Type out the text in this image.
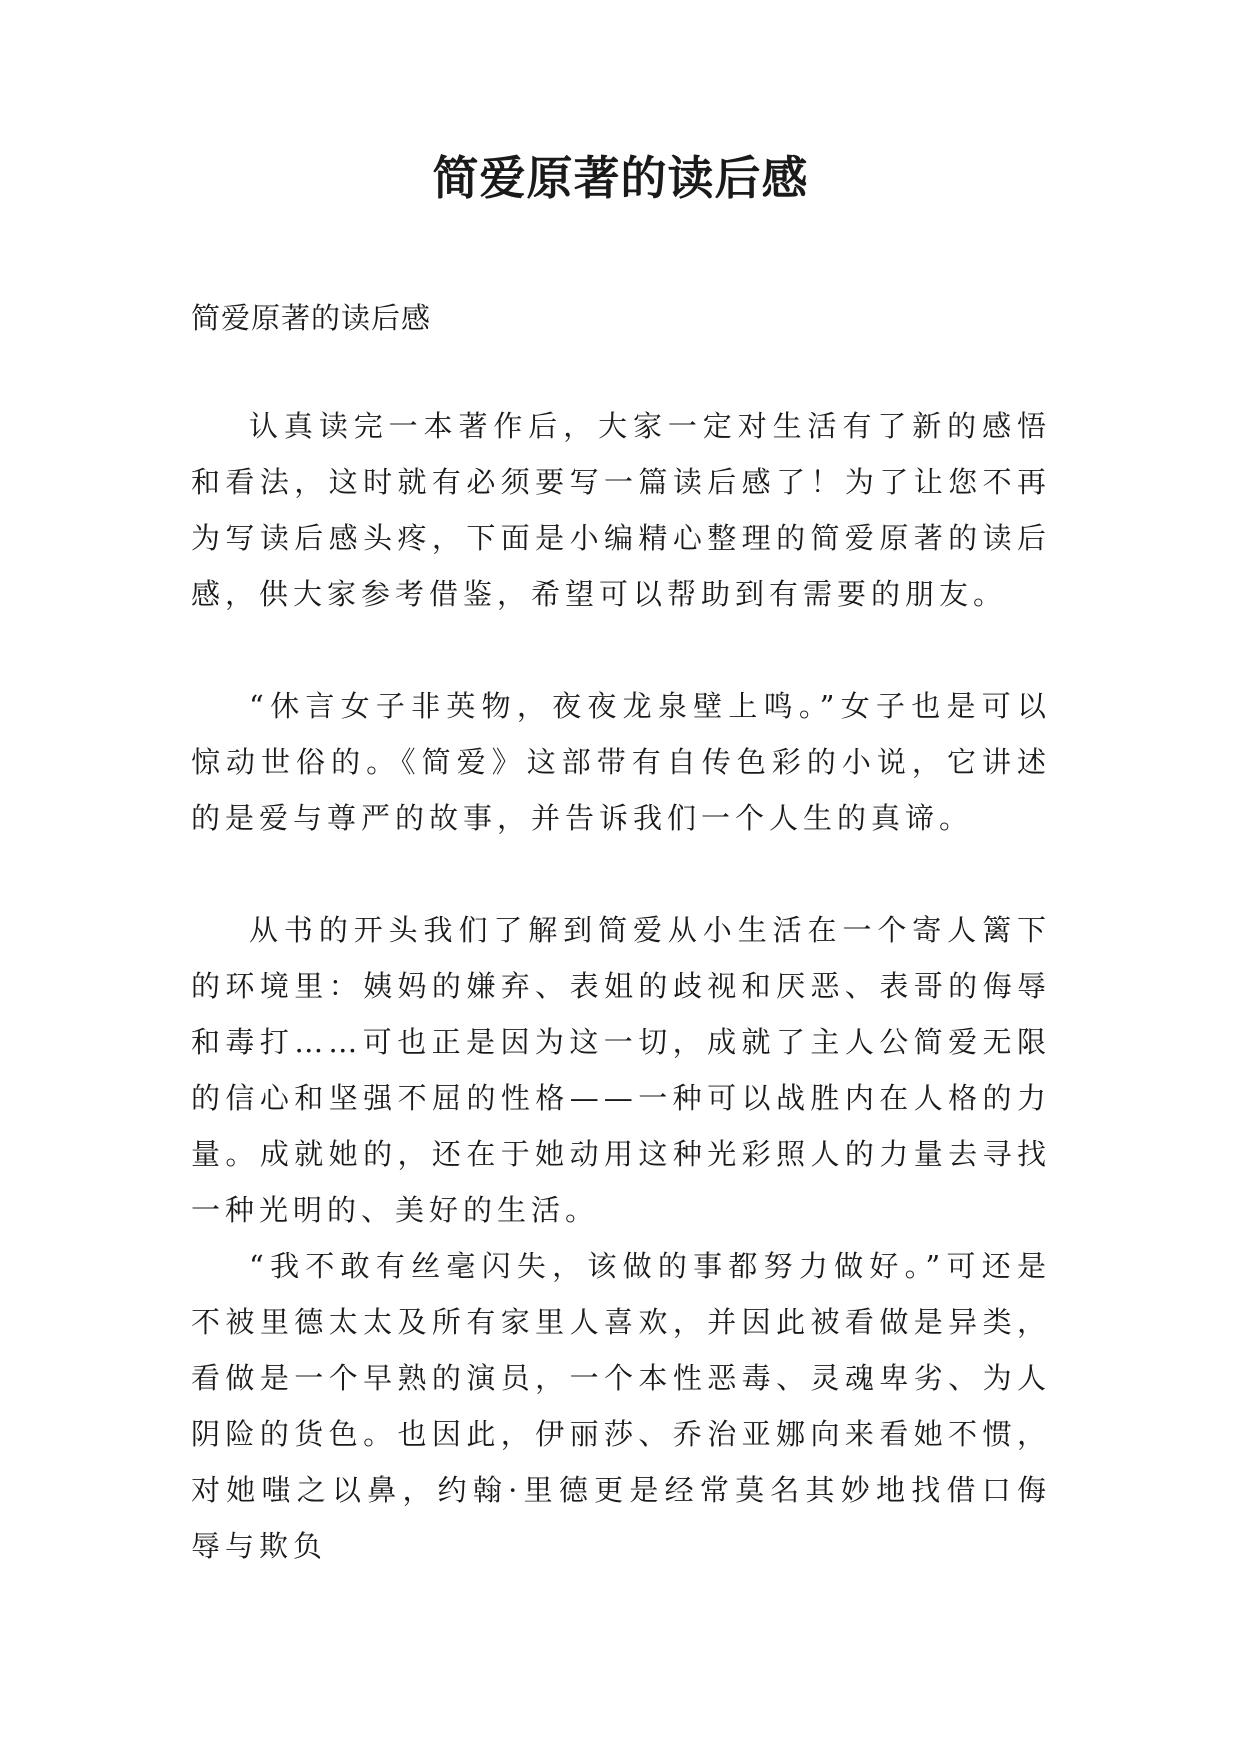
简爱原著的读后感

简爱原著的读后感

认真读完一本著作后，大家一定对生活有了新的感悟和看法，这时就有必须要写一篇读后感了！为了让您不再为写读后感头疼，下面是小编精心整理的简爱原著的读后感，供大家参考借鉴，希望可以帮助到有需要的朋友。

“休言女子非英物，夜夜龙泉壁上鸣。”女子也是可以惊动世俗的。《简爱》这部带有自传色彩的小说，它讲述的是爱与尊严的故事，并告诉我们一个人生的真谛。

从书的开头我们了解到简爱从小生活在一个寄人篱下的环境里：姨妈的嫌弃、表姐的歧视和厌恶、表哥的侮辱和毒打……可也正是因为这一切，成就了主人公简爱无限的信心和坚强不屈的性格——一种可以战胜内在人格的力量。成就她的，还在于她动用这种光彩照人的力量去寻找一种光明的、美好的生活。

“我不敢有丝毫闪失，该做的事都努力做好。”可还是不被里德太太及所有家里人喜欢，并因此被看做是异类，看做是一个早熟的演员，一个本性恶毒、灵魂卑劣、为人阴险的货色。也因此，伊丽莎、乔治亚娜向来看她不惯，对她嗤之以鼻，约翰·里德更是经常莫名其妙地找借口侮辱与欺负
